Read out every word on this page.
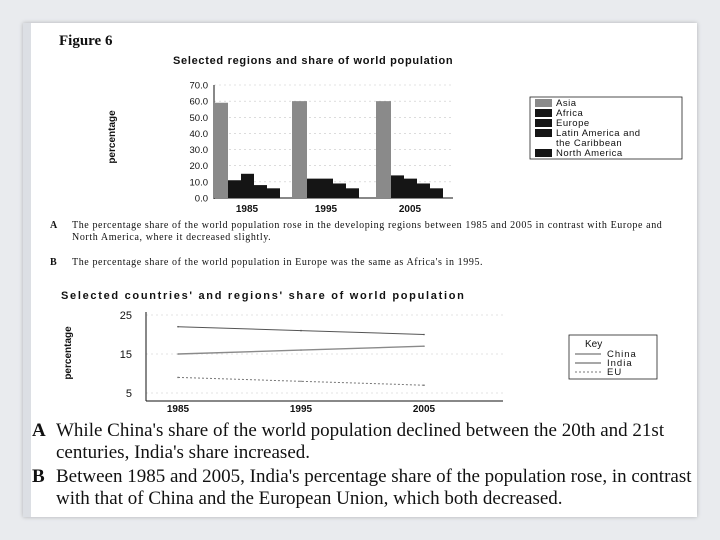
Figure 6
Selected regions and share of world population
percentage
0.0
10.0
20.0
30.0
40.0
50.0
60.0
70.0
1985	1995	2005
Asia
Africa
Europe
Latin America and
the Caribbean
North America
Selected countries' and regions' share of world population
percentage
5
15
25
1985	1995	2005
Key
China
India
EU
A The percentage share of the world population rose in the developing regions between 1985 and 2005 in contrast with Europe and North America, where it decreased slightly.
B The percentage share of the world population in Europe was the same as Africa's in 1995.
A While China's share of the world population declined between the 20th and 21st centuries, India's share increased.
B Between 1985 and 2005, India's percentage share of the population rose, in contrast with that of China and the European Union, which both decreased.
